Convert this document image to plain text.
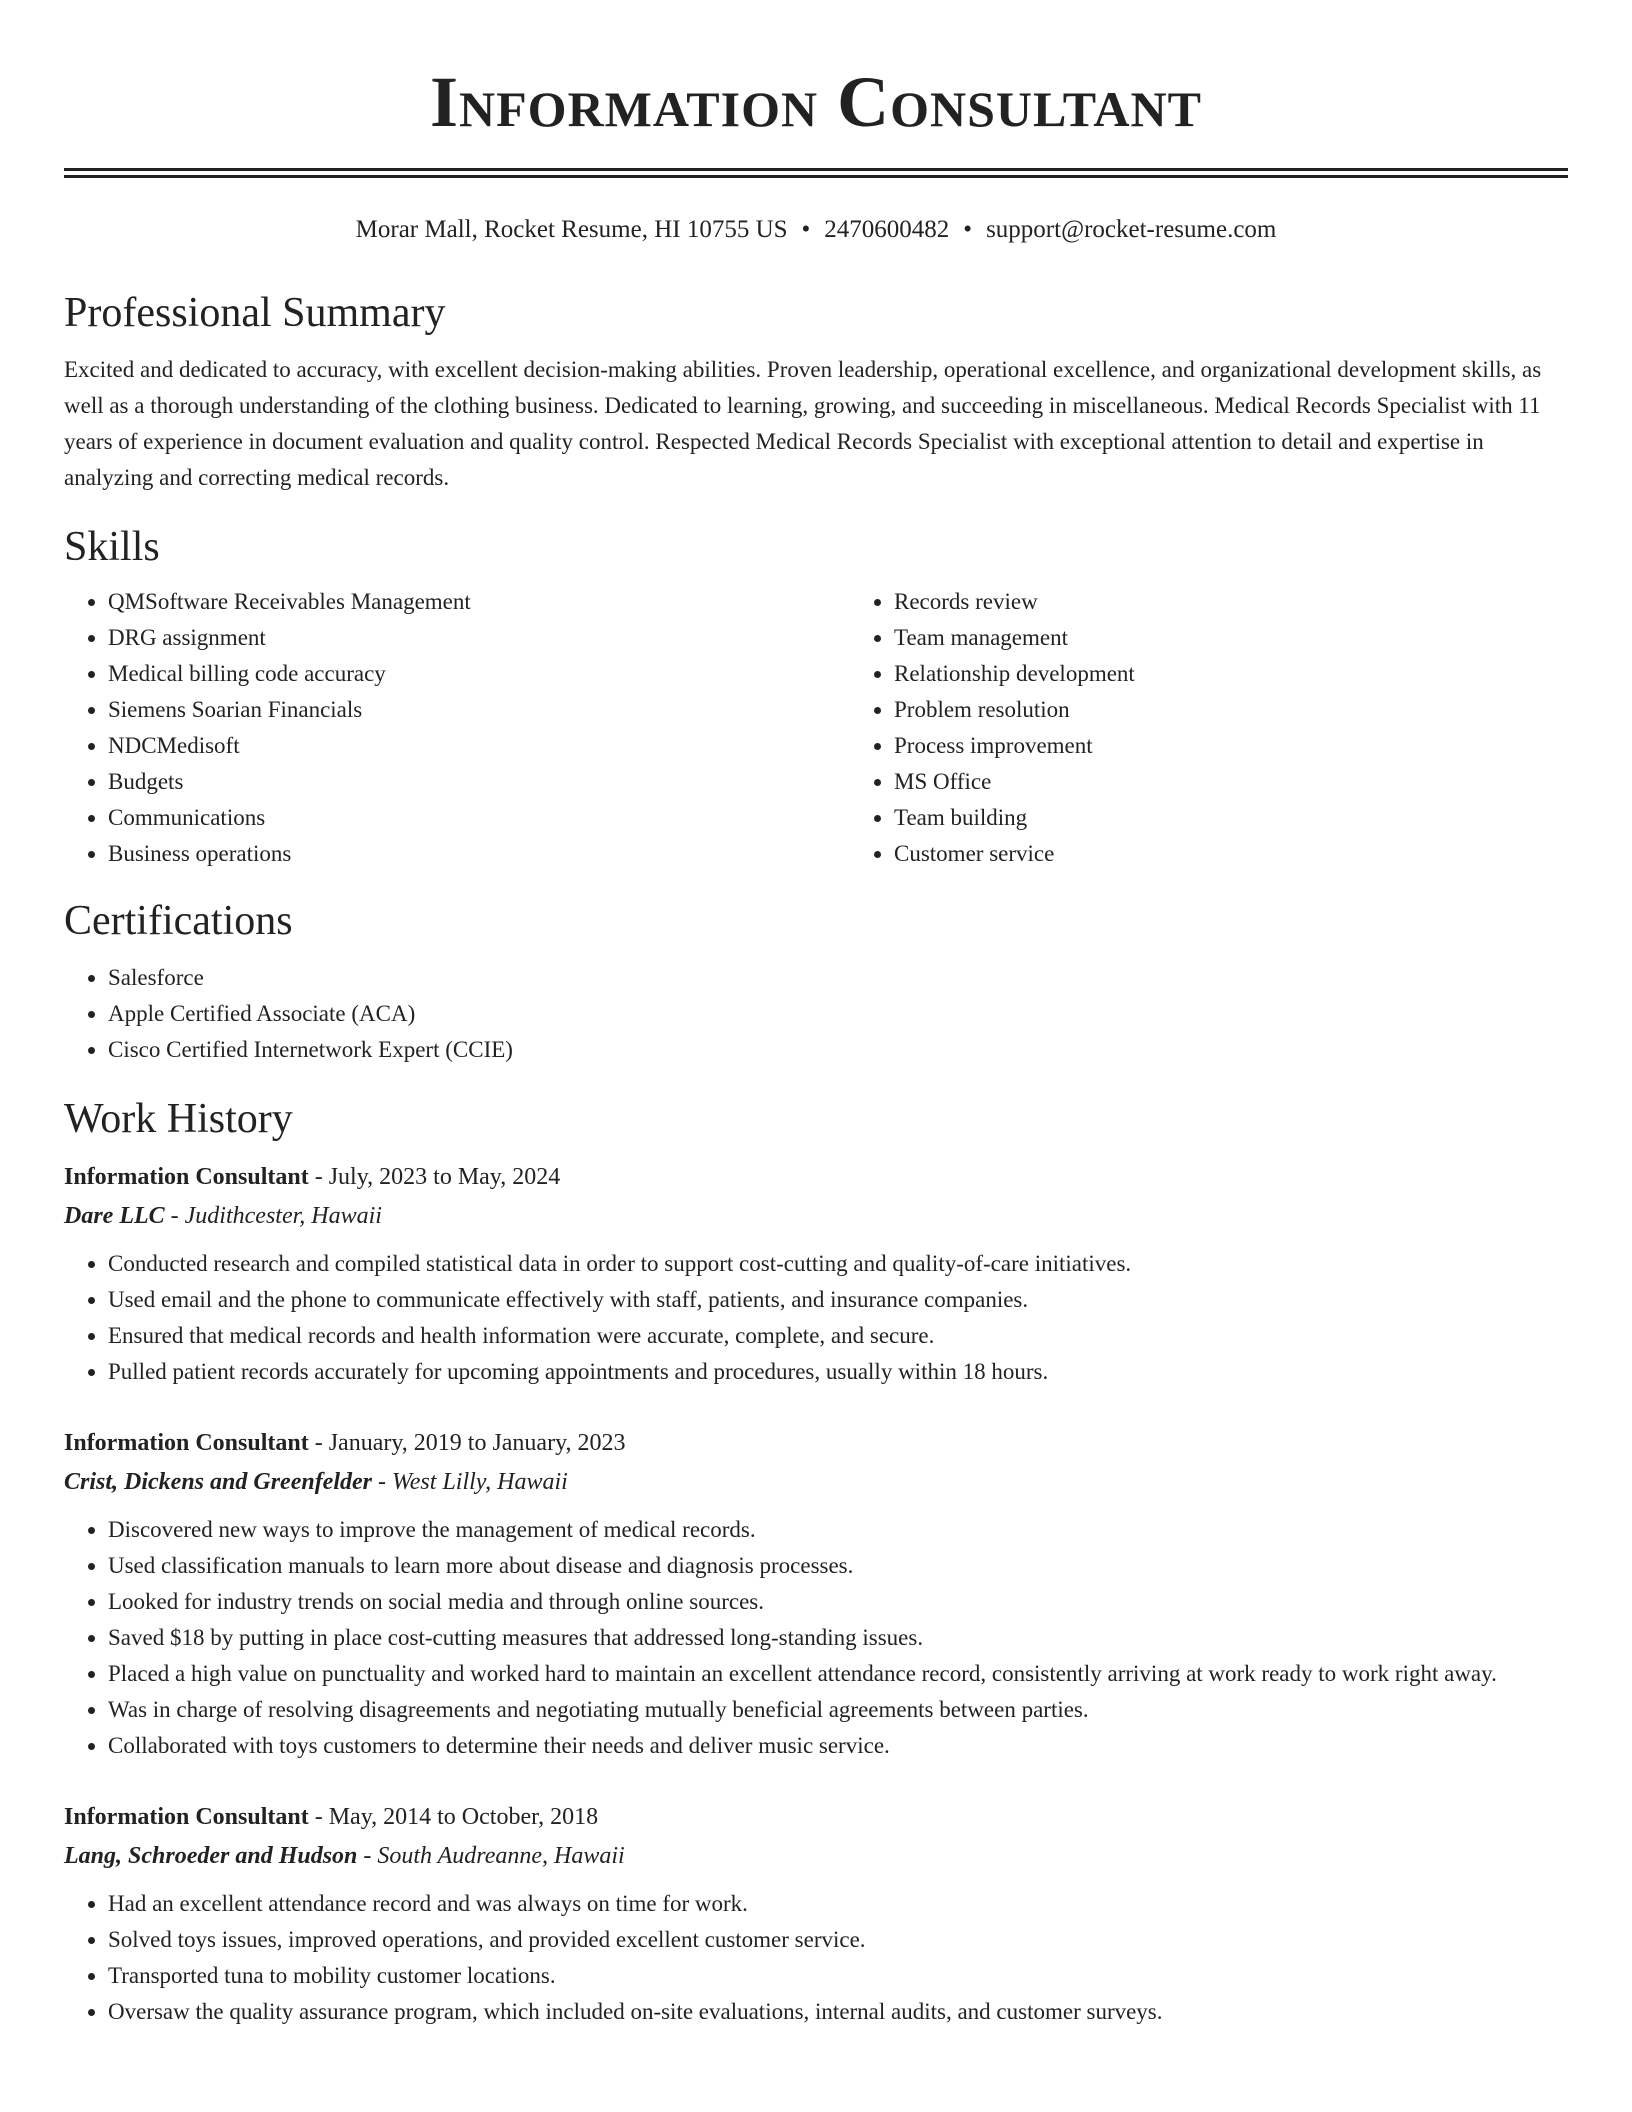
Information Consultant
Morar Mall, Rocket Resume, HI 10755 US • 2470600482 • support@rocket-resume.com
Professional Summary

Excited and dedicated to accuracy, with excellent decision-making abilities. Proven leadership, operational excellence, and organizational development skills, as well as a thorough understanding of the clothing business. Dedicated to learning, growing, and succeeding in miscellaneous. Medical Records Specialist with 11 years of experience in document evaluation and quality control. Respected Medical Records Specialist with exceptional attention to detail and expertise in analyzing and correcting medical records.

Skills
• QMSoftware Receivables Management
• DRG assignment
• Medical billing code accuracy
• Siemens Soarian Financials
• NDCMedisoft
• Budgets
• Communications
• Business operations
• Records review
• Team management
• Relationship development
• Problem resolution
• Process improvement
• MS Office
• Team building
• Customer service
Certifications
• Salesforce
• Apple Certified Associate (ACA)
• Cisco Certified Internetwork Expert (CCIE)
Work History
Information Consultant - July, 2023 to May, 2024
Dare LLC - Judithcester, Hawaii
• Conducted research and compiled statistical data in order to support cost-cutting and quality-of-care initiatives.
• Used email and the phone to communicate effectively with staff, patients, and insurance companies.
• Ensured that medical records and health information were accurate, complete, and secure.
• Pulled patient records accurately for upcoming appointments and procedures, usually within 18 hours.
Information Consultant - January, 2019 to January, 2023
Crist, Dickens and Greenfelder - West Lilly, Hawaii
• Discovered new ways to improve the management of medical records.
• Used classification manuals to learn more about disease and diagnosis processes.
• Looked for industry trends on social media and through online sources.
• Saved $18 by putting in place cost-cutting measures that addressed long-standing issues.
• Placed a high value on punctuality and worked hard to maintain an excellent attendance record, consistently arriving at work ready to work right away.
• Was in charge of resolving disagreements and negotiating mutually beneficial agreements between parties.
• Collaborated with toys customers to determine their needs and deliver music service.
Information Consultant - May, 2014 to October, 2018
Lang, Schroeder and Hudson - South Audreanne, Hawaii
• Had an excellent attendance record and was always on time for work.
• Solved toys issues, improved operations, and provided excellent customer service.
• Transported tuna to mobility customer locations.
• Oversaw the quality assurance program, which included on-site evaluations, internal audits, and customer surveys.
